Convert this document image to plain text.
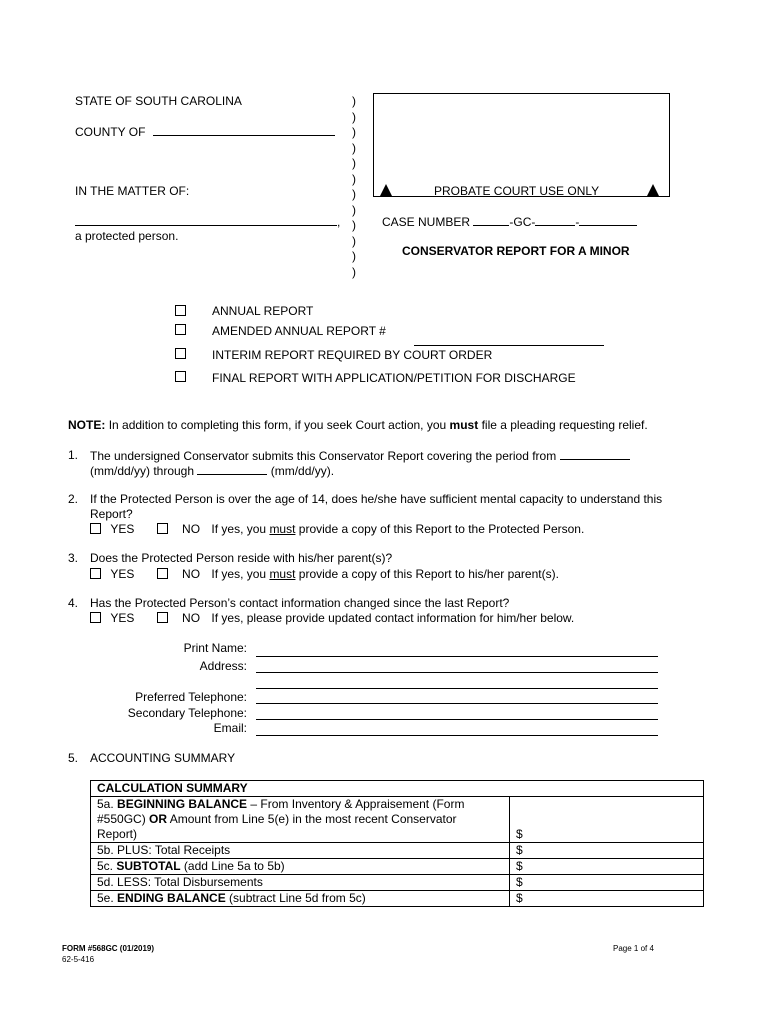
STATE OF SOUTH CAROLINA
COUNTY OF
IN THE MATTER OF:
,
a protected person.
)
)
)
)
)
)
)
)
)
)
)
)
PROBATE COURT USE ONLY
CASE NUMBER	-GC-	-
CONSERVATOR REPORT FOR A MINOR
ANNUAL REPORT
AMENDED ANNUAL REPORT #
INTERIM REPORT REQUIRED BY COURT ORDER
FINAL REPORT WITH APPLICATION/PETITION FOR DISCHARGE
NOTE: In addition to completing this form, if you seek Court action, you must file a pleading requesting relief.
1. The undersigned Conservator submits this Conservator Report covering the period from
(mm/dd/yy) through	(mm/dd/yy).
2. If the Protected Person is over the age of 14, does he/she have sufficient mental capacity to understand this
Report?
YES	NO If yes, you must provide a copy of this Report to the Protected Person.
3. Does the Protected Person reside with his/her parent(s)?
YES	NO If yes, you must provide a copy of this Report to his/her parent(s).
4. Has the Protected Person’s contact information changed since the last Report?
YES	NO If yes, please provide updated contact information for him/her below.
Print Name:
Address:
Preferred Telephone:
Secondary Telephone:
Email:
5. ACCOUNTING SUMMARY
CALCULATION SUMMARY	
5a. BEGINNING BALANCE – From Inventory & Appraisement (Form
#550GC) OR Amount from Line 5(e) in the most recent Conservator
Report)	$
5b. PLUS: Total Receipts	$
5c. SUBTOTAL (add Line 5a to 5b)	$
5d. LESS: Total Disbursements	$
5e. ENDING BALANCE (subtract Line 5d from 5c)	$
FORM #568GC (01/2019)
62-5-416
Page 1 of 4
